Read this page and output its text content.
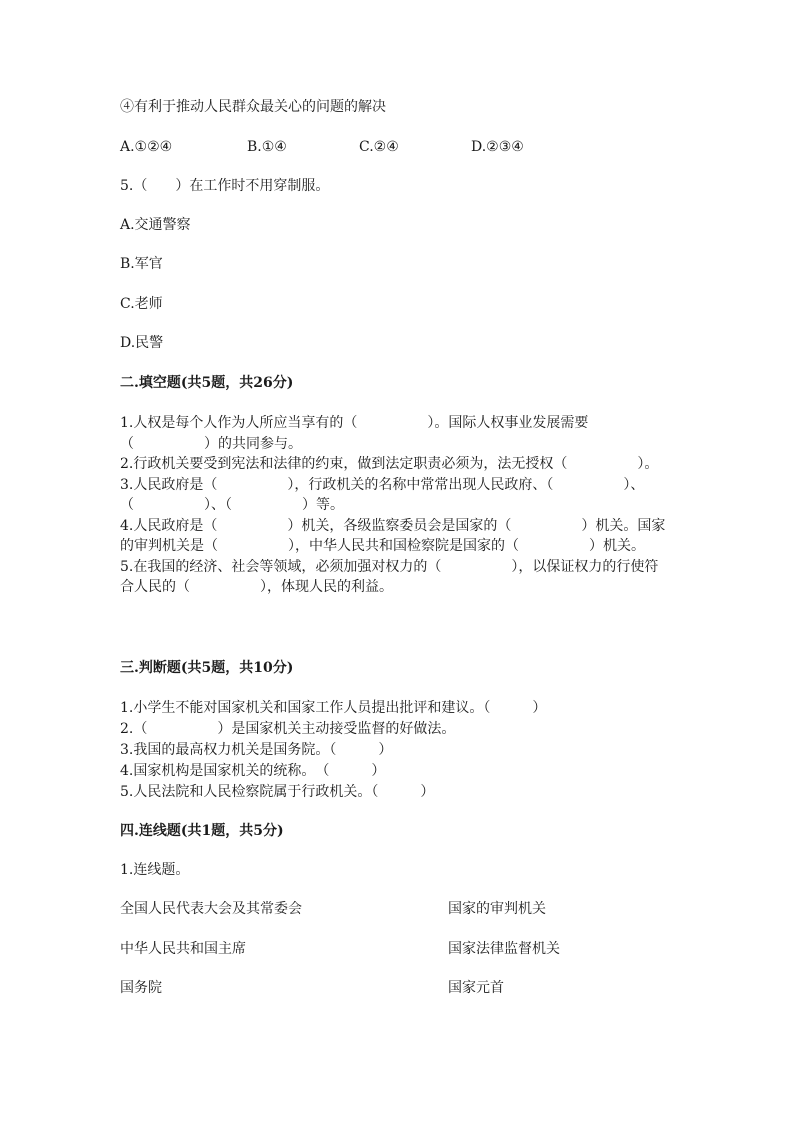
④有利于推动人民群众最关心的问题的解决
A.①②④	B.①④	C.②④	D.②③④
5.（　　）在工作时不用穿制服。
A.交通警察
B.军官
C.老师
D.民警
二.填空题(共5题，共26分)

1.人权是每个人作为人所应当享有的（　　　　　）。国际人权事业发展需要（　　　　　）的共同参与。

2.行政机关要受到宪法和法律的约束，做到法定职责必须为，法无授权（　　　　　）。

3.人民政府是（　　　　　），行政机关的名称中常常出现人民政府、（　　　　　）、（　　　　　）、（　　　　　）等。

4.人民政府是（　　　　　）机关，各级监察委员会是国家的（　　　　　）机关。国家的审判机关是（　　　　　），中华人民共和国检察院是国家的（　　　　　）机关。

5.在我国的经济、社会等领域，必须加强对权力的（　　　　　），以保证权力的行使符合人民的（　　　　　），体现人民的利益。

三.判断题(共5题，共10分)

1.小学生不能对国家机关和国家工作人员提出批评和建议。（　　　）

2.（　　　　　）是国家机关主动接受监督的好做法。

3.我国的最高权力机关是国务院。（　　　）

4.国家机构是国家机关的统称。　（　　　）

5.人民法院和人民检察院属于行政机关。（　　　）

四.连线题(共1题，共5分)
1.连线题。
全国人民代表大会及其常委会	国家的审判机关
中华人民共和国主席	国家法律监督机关
国务院	国家元首
